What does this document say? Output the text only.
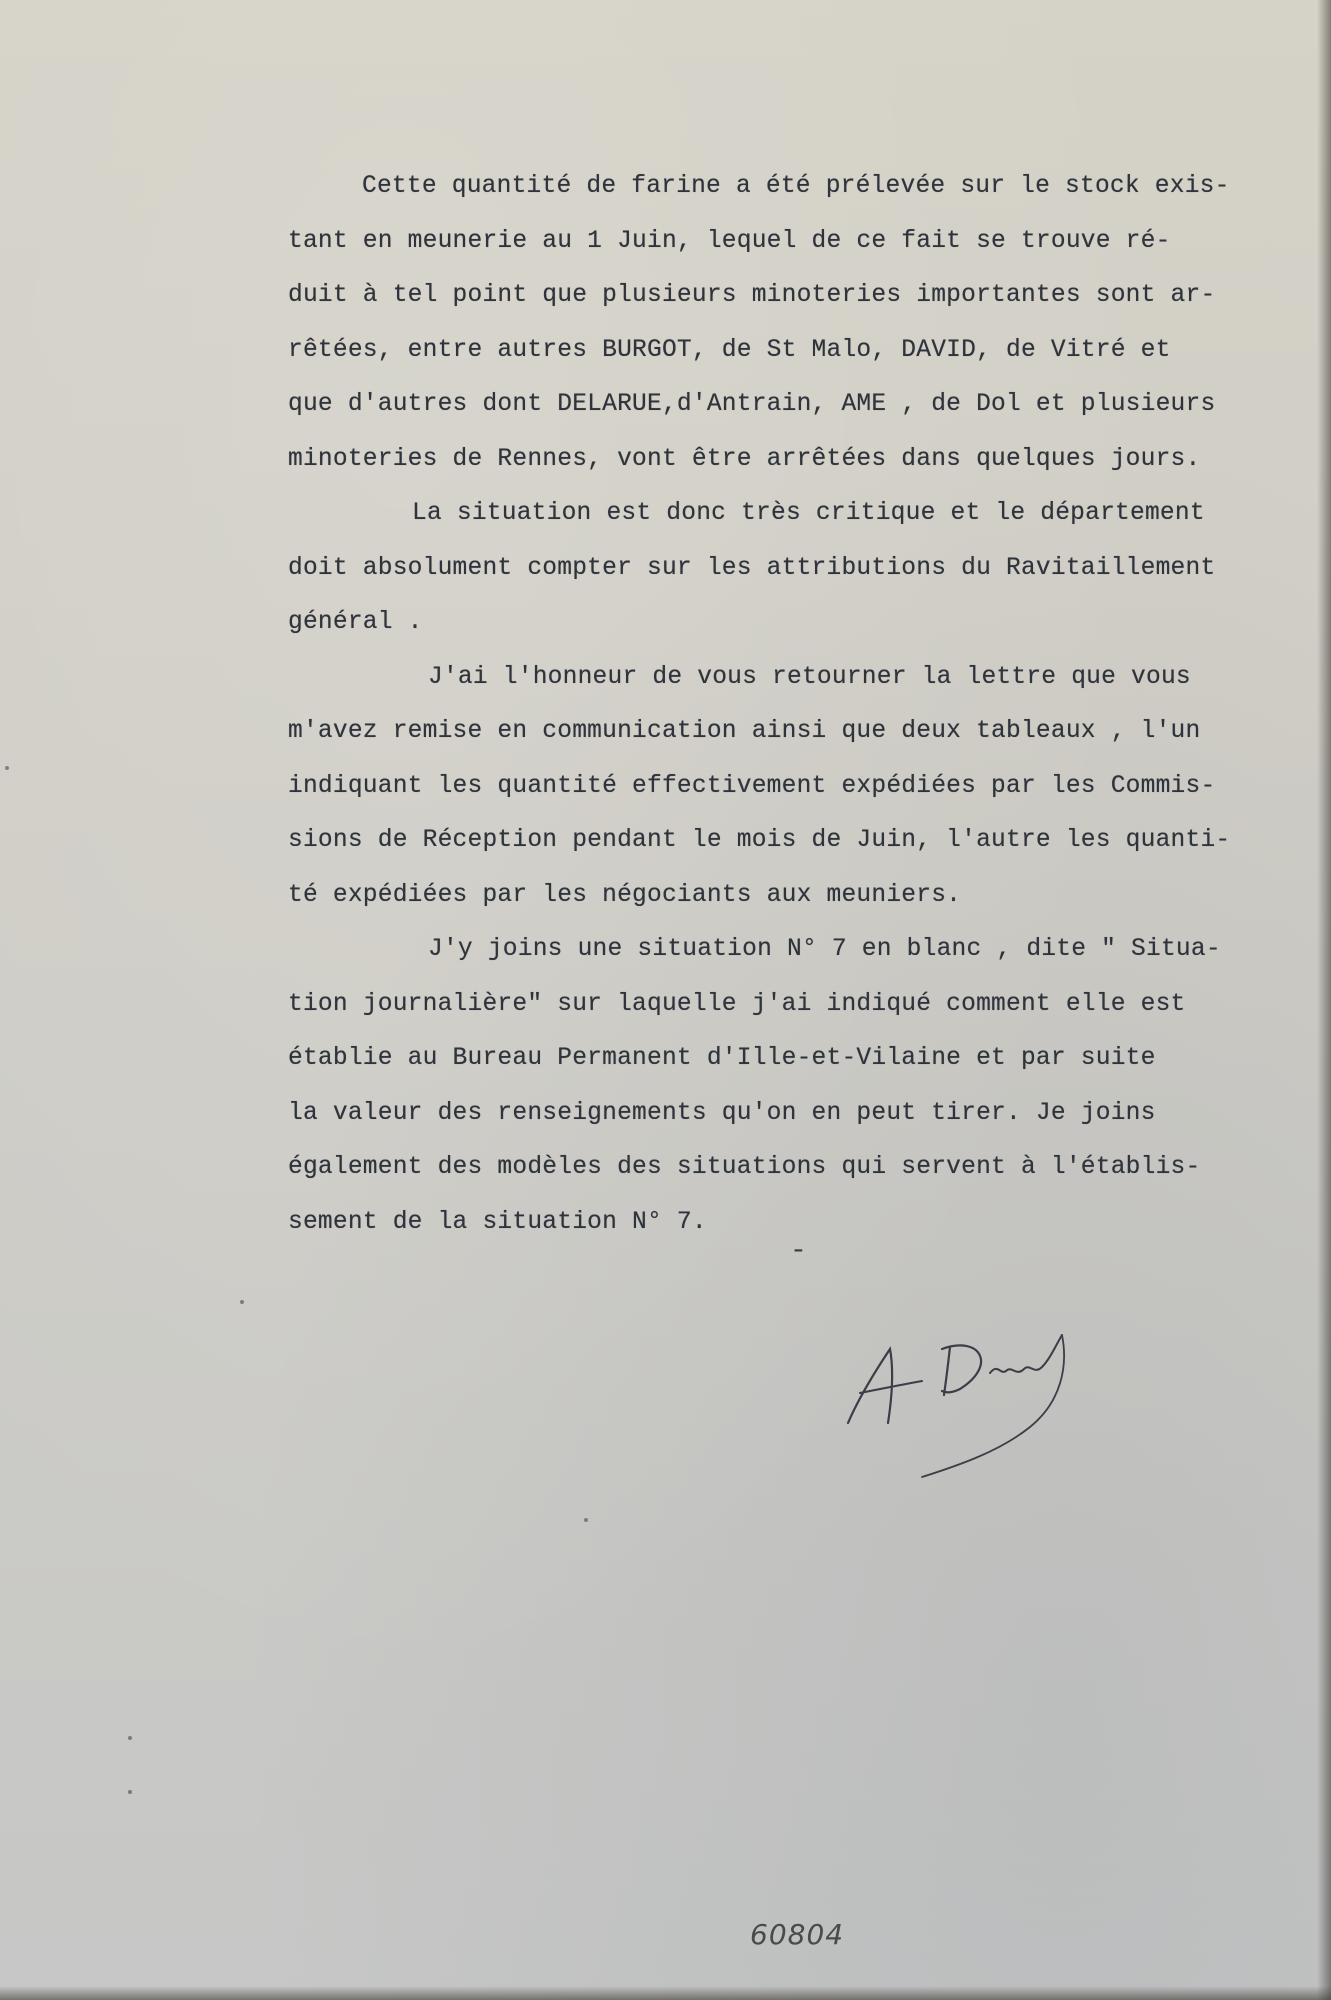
Cette quantité de farine a été prélevée sur le stock exis-
tant en meunerie au 1 Juin, lequel de ce fait se trouve ré-
duit à tel point que plusieurs minoteries importantes sont ar-
rêtées, entre autres BURGOT, de St Malo, DAVID, de Vitré et
que d'autres dont DELARUE,d'Antrain, AME , de Dol et plusieurs
minoteries de Rennes, vont être arrêtées dans quelques jours.
La situation est donc très critique et le département
doit absolument compter sur les attributions du Ravitaillement
général .
J'ai l'honneur de vous retourner la lettre que vous
m'avez remise en communication ainsi que deux tableaux , l'un
indiquant les quantité effectivement expédiées par les Commis-
sions de Réception pendant le mois de Juin, l'autre les quanti-
té expédiées par les négociants aux meuniers.
J'y joins une situation N° 7 en blanc , dite " Situa-
tion journalière" sur laquelle j'ai indiqué comment elle est
établie au Bureau Permanent d'Ille-et-Vilaine et par suite
la valeur des renseignements qu'on en peut tirer. Je joins
également des modèles des situations qui servent à l'établis-
sement de la situation N° 7.
-
60804
